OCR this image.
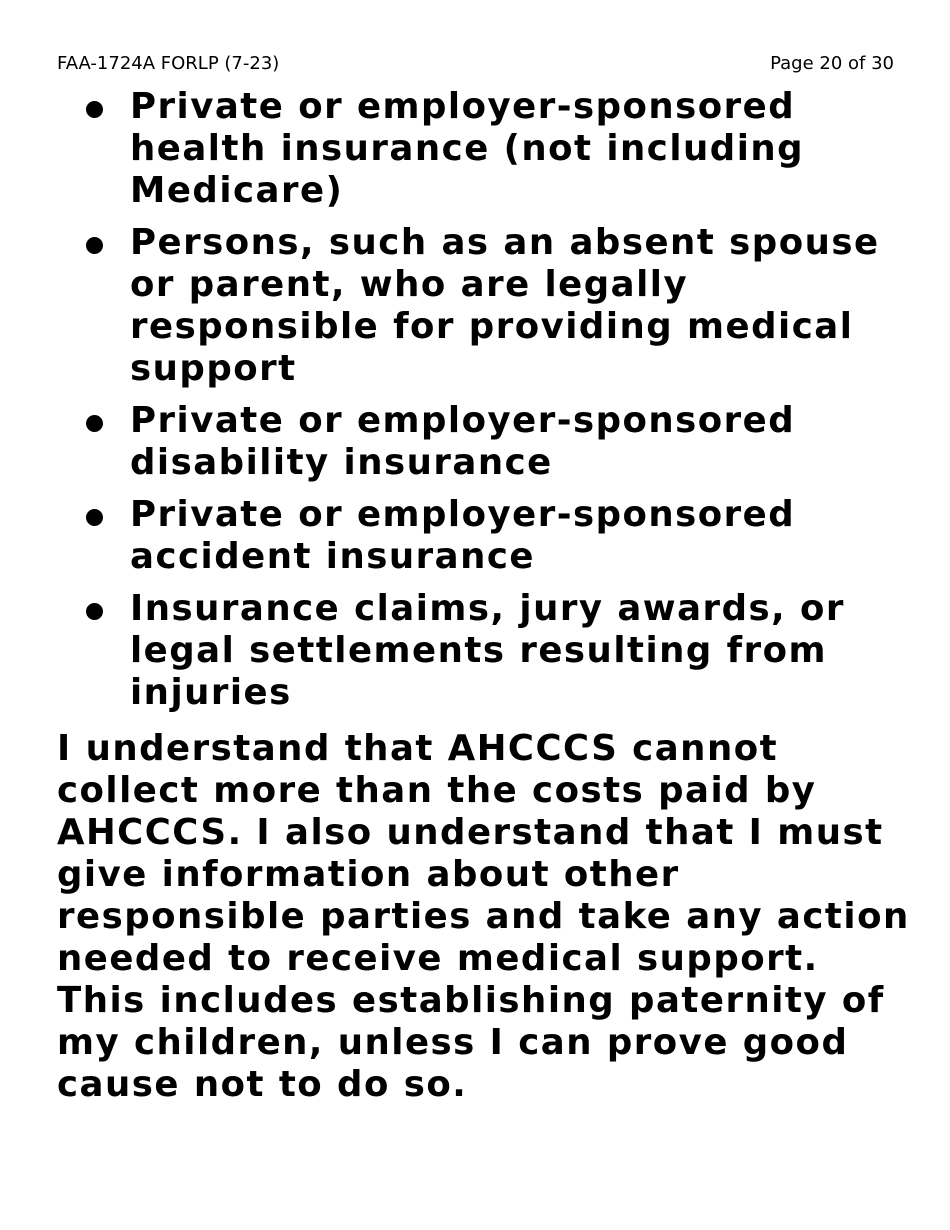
FAA-1724A FORLP (7-23)	Page 20 of 30
Private or employer-sponsored health insurance (not including Medicare)
Persons, such as an absent spouse or parent, who are legally responsible for providing medical support
Private or employer-sponsored disability insurance
Private or employer-sponsored accident insurance
Insurance claims, jury awards, or legal settlements resulting from injuries

I understand that AHCCCS cannot collect more than the costs paid by AHCCCS. I also understand that I must give information about other responsible parties and take any action needed to receive medical support. This includes establishing paternity of my children, unless I can prove good cause not to do so.
